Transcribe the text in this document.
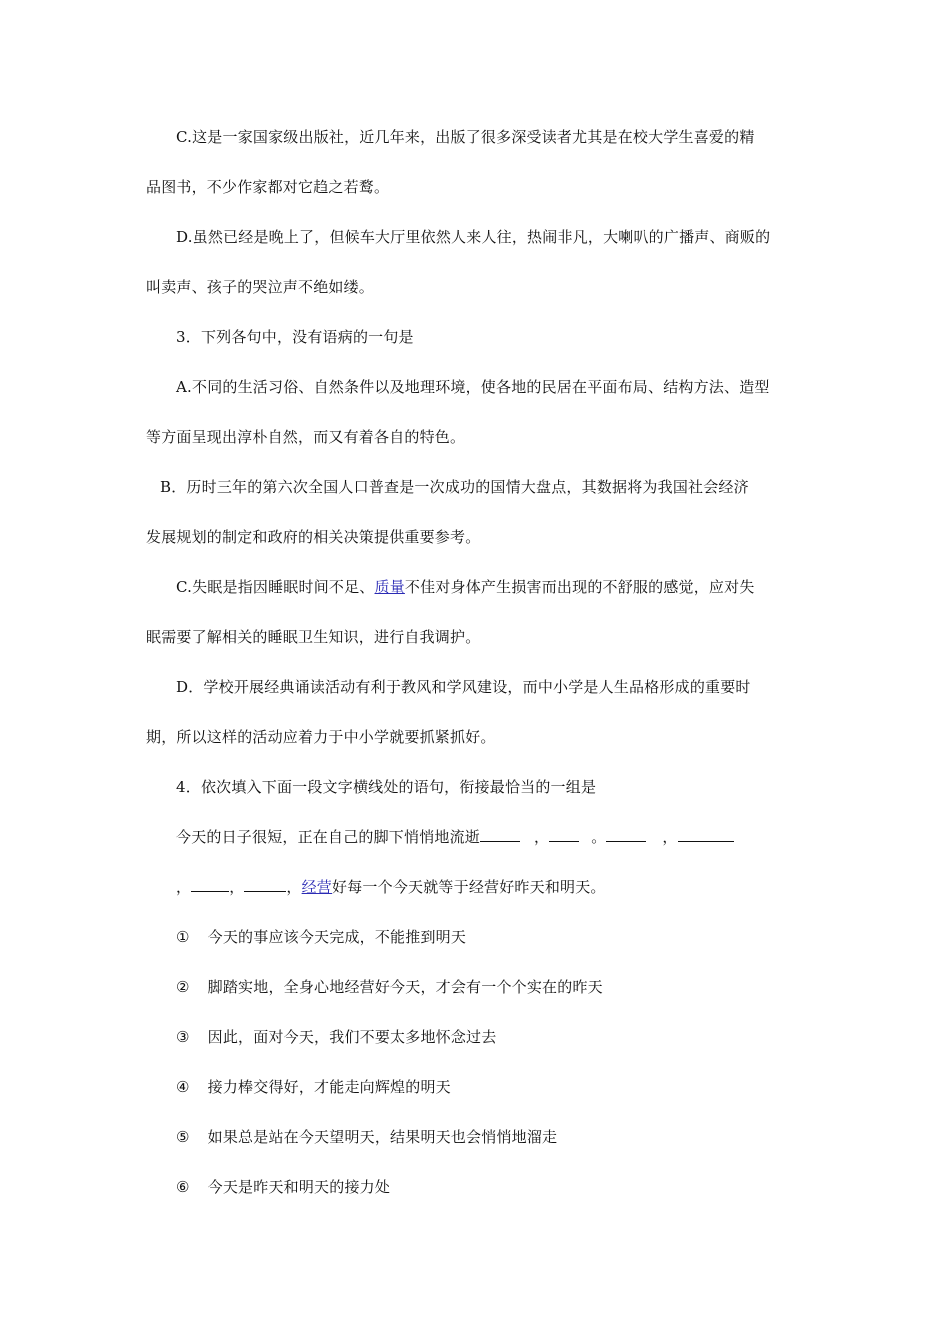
C.这是一家国家级出版社，近几年来，出版了很多深受读者尤其是在校大学生喜爱的精
品图书，不少作家都对它趋之若鹜。
D.虽然已经是晚上了，但候车大厅里依然人来人往，热闹非凡，大喇叭的广播声、商贩的
叫卖声、孩子的哭泣声不绝如缕。
3．下列各句中，没有语病的一句是
A.不同的生活习俗、自然条件以及地理环境，使各地的民居在平面布局、结构方法、造型
等方面呈现出淳朴自然，而又有着各自的特色。
B．历时三年的第六次全国人口普查是一次成功的国情大盘点，其数据将为我国社会经济
发展规划的制定和政府的相关决策提供重要参考。
C.失眠是指因睡眠时间不足、质量不佳对身体产生损害而出现的不舒服的感觉，应对失
眠需要了解相关的睡眠卫生知识，进行自我调护。
D．学校开展经典诵读活动有利于教风和学风建设，而中小学是人生品格形成的重要时
期，所以这样的活动应着力于中小学就要抓紧抓好。
4．依次填入下面一段文字横线处的语句，衔接最恰当的一组是
今天的日子很短，正在自己的脚下悄悄地流逝	，	。	，
，	，	，经营好每一个今天就等于经营好昨天和明天。
① 今天的事应该今天完成，不能推到明天
② 脚踏实地，全身心地经营好今天，才会有一个个实在的昨天
③ 因此，面对今天，我们不要太多地怀念过去
④ 接力棒交得好，才能走向辉煌的明天
⑤ 如果总是站在今天望明天，结果明天也会悄悄地溜走
⑥ 今天是昨天和明天的接力处
